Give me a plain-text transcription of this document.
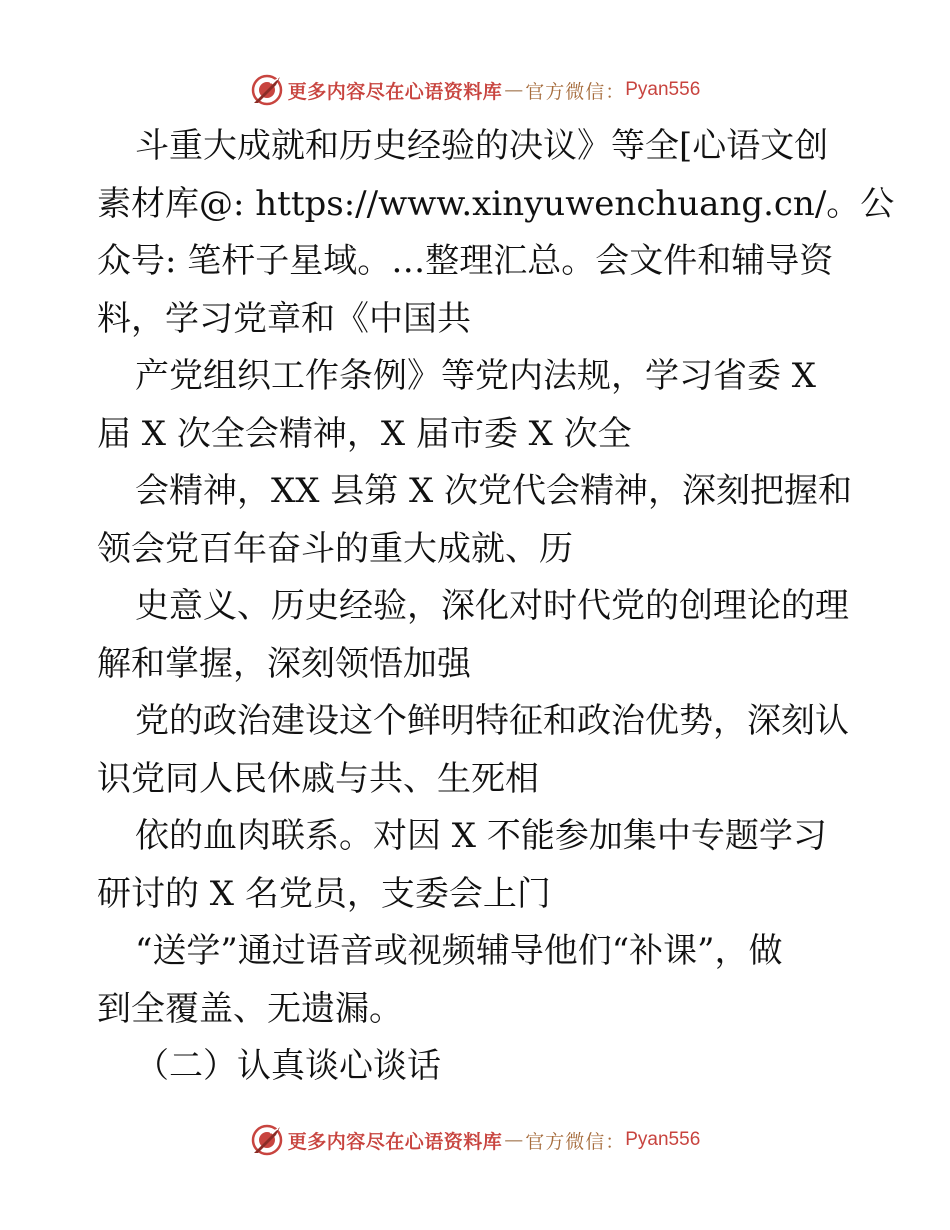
更多内容尽在心语资料库 — 官方微信： Pyan556
斗重大成就和历史经验的决议》等全[心语文创
素材库@: https://www.xinyuwenchuang.cn/。公
众号: 笔杆子星域。…整理汇总。会文件和辅导资
料，学习党章和《中国共
产党组织工作条例》等党内法规，学习省委 X
届 X 次全会精神，X 届市委 X 次全
会精神，XX 县第 X 次党代会精神，深刻把握和
领会党百年奋斗的重大成就、历
史意义、历史经验，深化对时代党的创理论的理
解和掌握，深刻领悟加强
党的政治建设这个鲜明特征和政治优势，深刻认
识党同人民休戚与共、生死相
依的血肉联系。对因 X 不能参加集中专题学习
研讨的 X 名党员，支委会上门
“送学”通过语音或视频辅导他们“补课”，做
到全覆盖、无遗漏。
（二）认真谈心谈话
更多内容尽在心语资料库 — 官方微信： Pyan556
